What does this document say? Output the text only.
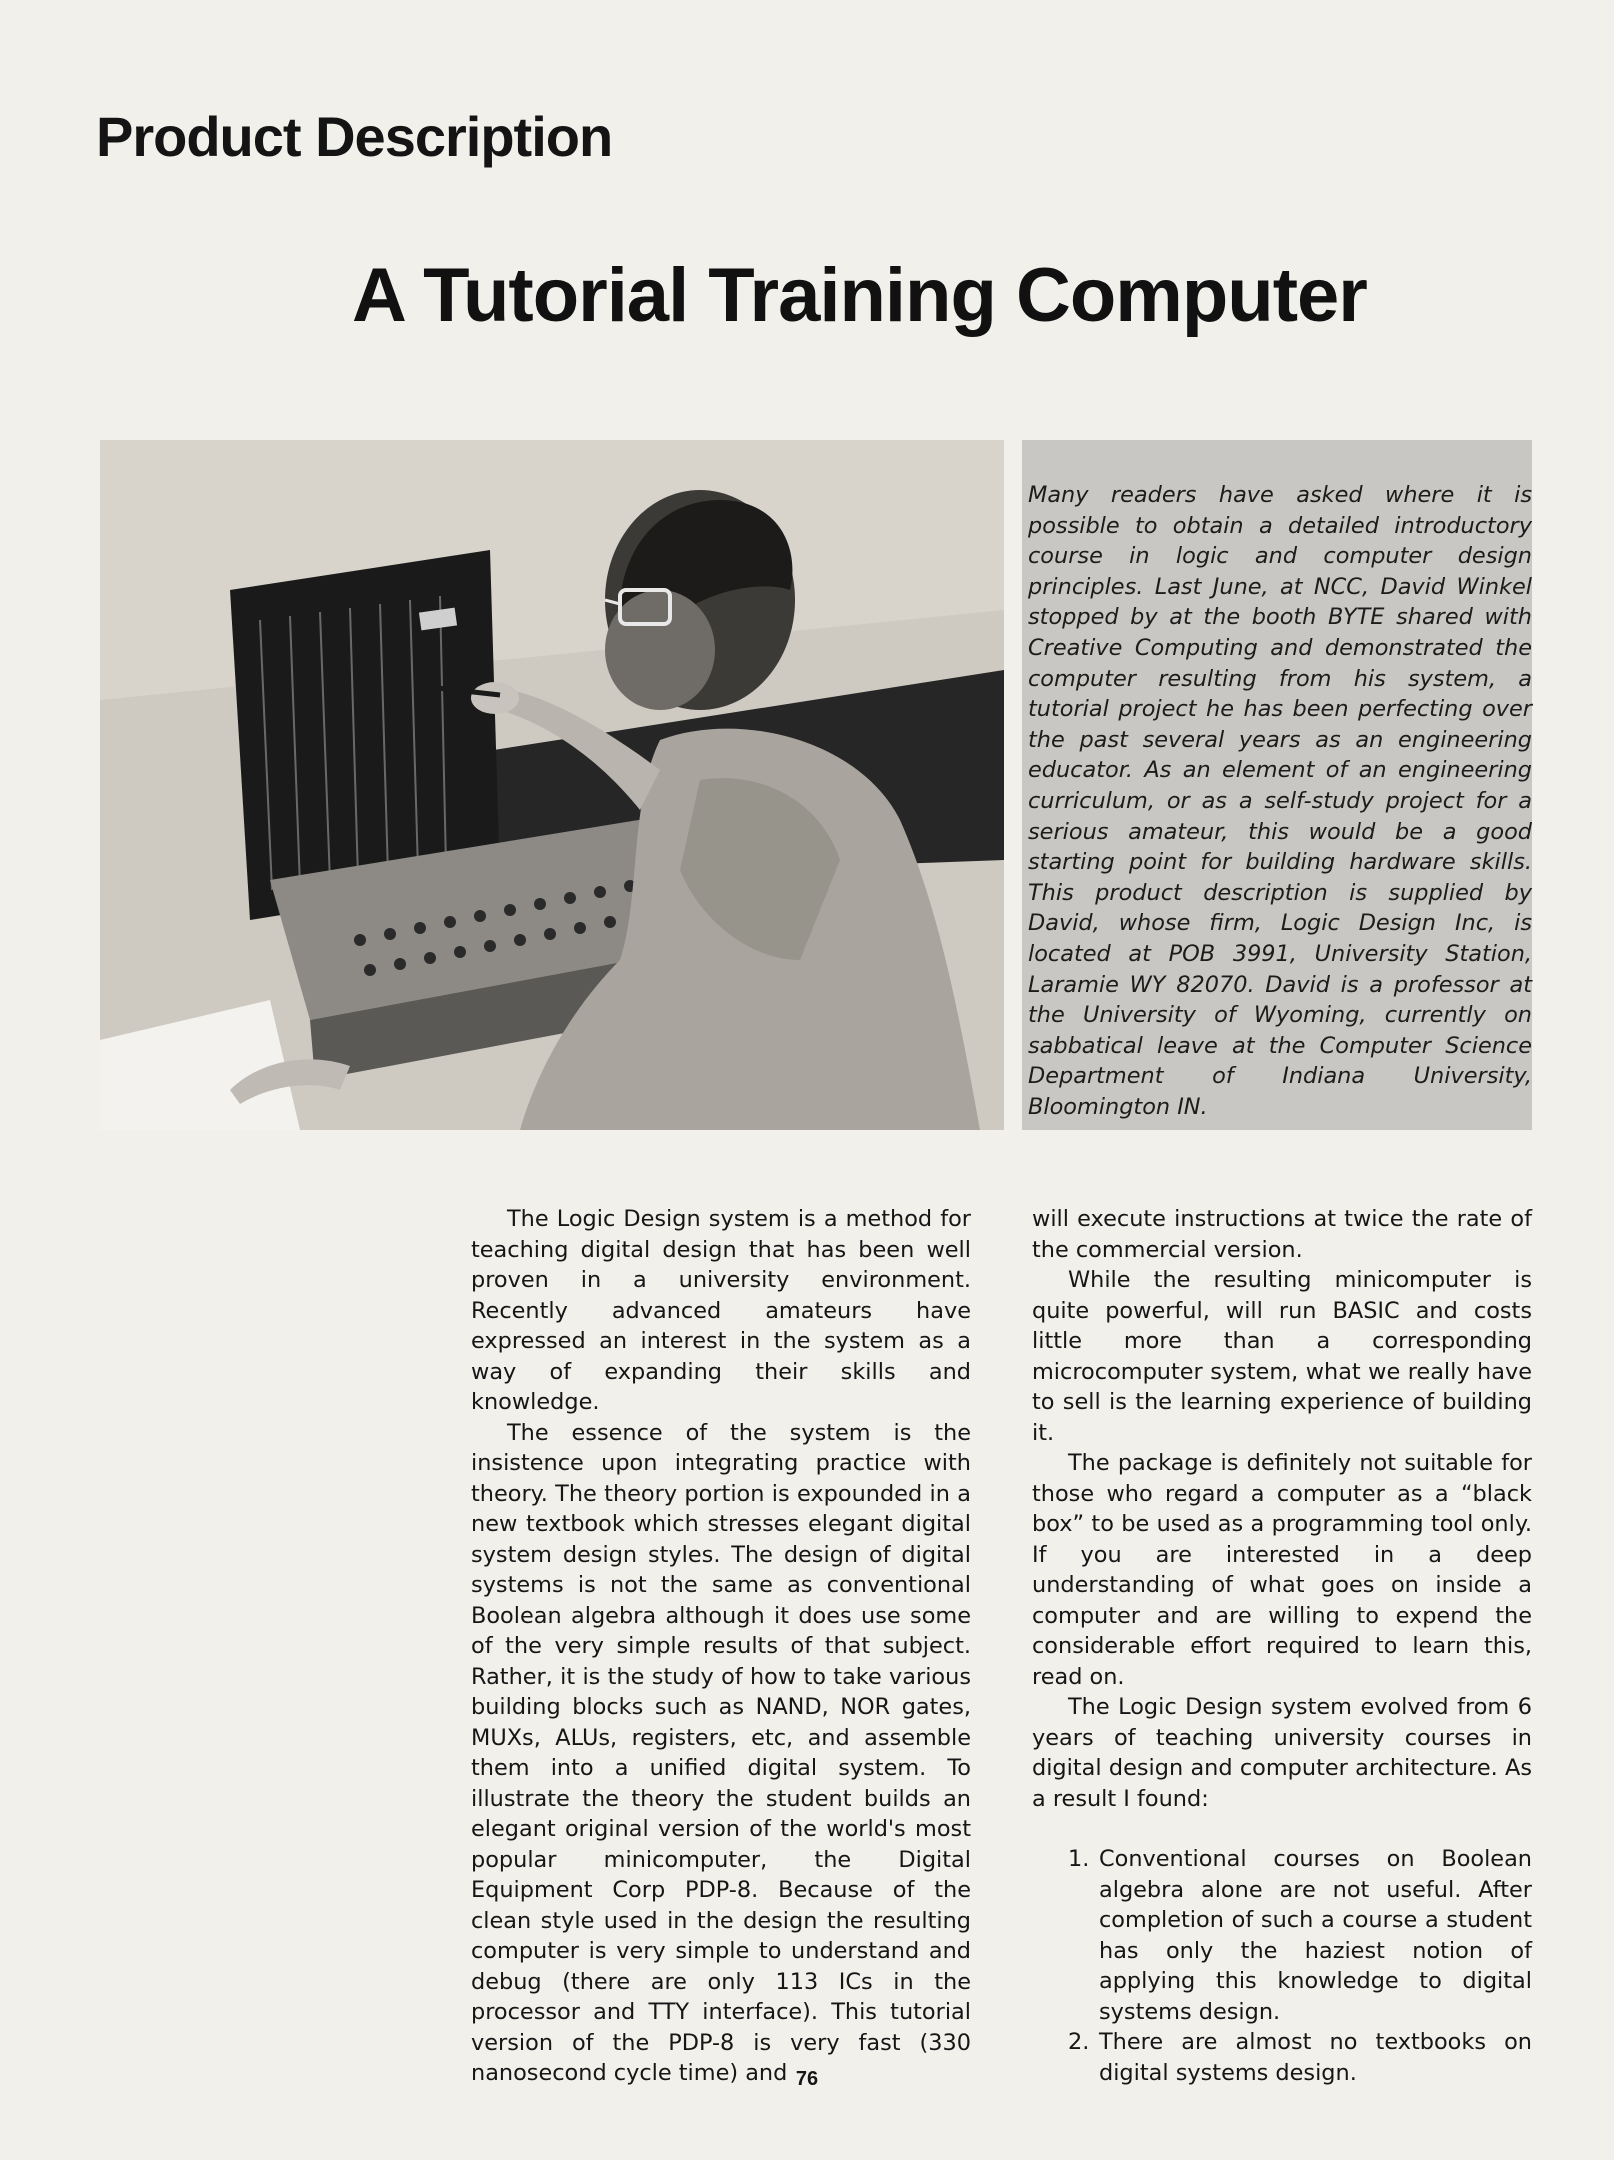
Product Description
A Tutorial Training Computer

Many readers have asked where it is possible to obtain a detailed introductory course in logic and computer design principles. Last June, at NCC, David Winkel stopped by at the booth BYTE shared with Creative Computing and demonstrated the computer resulting from his system, a tutorial project he has been perfecting over the past several years as an engineering educator. As an element of an engineering curriculum, or as a self-study project for a serious amateur, this would be a good starting point for building hardware skills. This product description is supplied by David, whose firm, Logic Design Inc, is located at POB 3991, University Station, Laramie WY 82070. David is a professor at the University of Wyoming, currently on sabbatical leave at the Computer Science Department of Indiana University, Bloomington IN.

The Logic Design system is a method for teaching digital design that has been well proven in a university environment. Recently advanced amateurs have expressed an interest in the system as a way of expanding their skills and knowledge.

The essence of the system is the insistence upon integrating practice with theory. The theory portion is expounded in a new textbook which stresses elegant digital system design styles. The design of digital systems is not the same as conventional Boolean algebra although it does use some of the very simple results of that subject. Rather, it is the study of how to take various building blocks such as NAND, NOR gates, MUXs, ALUs, registers, etc, and assemble them into a unified digital system. To illustrate the theory the student builds an elegant original version of the world's most popular minicomputer, the Digital Equipment Corp PDP-8. Because of the clean style used in the design the resulting computer is very simple to understand and debug (there are only 113 ICs in the processor and TTY interface). This tutorial version of the PDP-8 is very fast (330 nanosecond cycle time) and

will execute instructions at twice the rate of the commercial version.

While the resulting minicomputer is quite powerful, will run BASIC and costs little more than a corresponding microcomputer system, what we really have to sell is the learning experience of building it.

The package is definitely not suitable for those who regard a computer as a “black box” to be used as a programming tool only. If you are interested in a deep understanding of what goes on inside a computer and are willing to expend the considerable effort required to learn this, read on.

The Logic Design system evolved from 6 years of teaching university courses in digital design and computer architecture. As a result I found:

1. Conventional courses on Boolean algebra alone are not useful. After completion of such a course a student has only the haziest notion of applying this knowledge to digital systems design.
2. There are almost no textbooks on digital systems design.
76
